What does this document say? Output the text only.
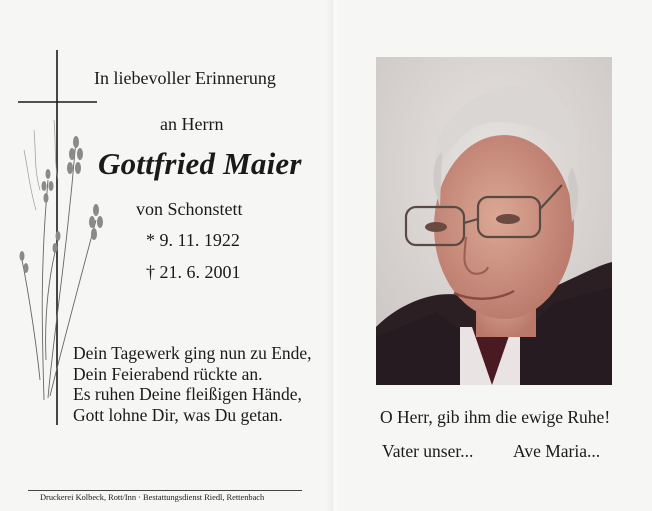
In liebevoller Erinnerung
an Herrn
Gottfried Maier
von Schonstett
* 9. 11. 1922
† 21. 6. 2001
Dein Tagewerk ging nun zu Ende,
Dein Feierabend rückte an.
Es ruhen Deine fleißigen Hände,
Gott lohne Dir, was Du getan.
Druckerei Kolbeck, Rott/Inn · Bestattungsdienst Riedl, Rettenbach
O Herr, gib ihm die ewige Ruhe!
Vater unser... Ave Maria...
